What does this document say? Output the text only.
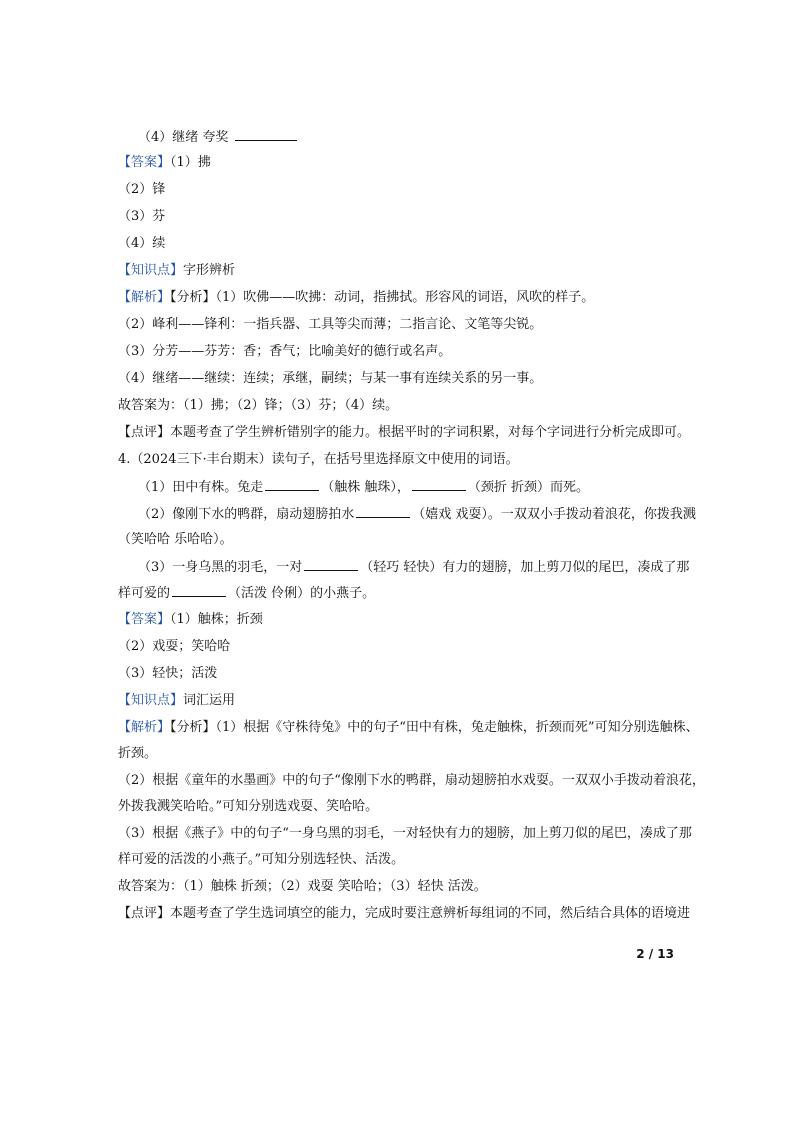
（4）继绪 夸奖
【答案】（1）拂
（2）锋
（3）芬
（4）续
【知识点】字形辨析
【解析】【分析】（1）吹佛——吹拂：动词，指拂拭。形容风的词语，风吹的样子。
（2）峰利——锋利：一指兵器、工具等尖而薄；二指言论、文笔等尖锐。
（3）分芳——芬芳：香；香气；比喻美好的德行或名声。
（4）继绪——继续：连续；承继，嗣续；与某一事有连续关系的另一事。
故答案为：（1）拂；（2）锋；（3）芬；（4）续。
【点评】本题考查了学生辨析错别字的能力。根据平时的字词积累，对每个字词进行分析完成即可。
4.（2024三下·丰台期末）读句子，在括号里选择原文中使用的词语。
（1）田中有株。兔走	（触株 触珠），	（颈折 折颈）而死。
（2）像刚下水的鸭群，扇动翅膀拍水	（嬉戏 戏耍）。一双双小手拨动着浪花，你拨我溅
（笑哈哈 乐哈哈）。
（3）一身乌黑的羽毛，一对	（轻巧 轻快）有力的翅膀，加上剪刀似的尾巴，凑成了那
样可爱的	（活泼 伶俐）的小燕子。
【答案】（1）触株；折颈
（2）戏耍；笑哈哈
（3）轻快；活泼
【知识点】词汇运用
【解析】【分析】（1）根据《守株待兔》中的句子“田中有株，兔走触株，折颈而死”可知分别选触株、
折颈。
（2）根据《童年的水墨画》中的句子“像刚下水的鸭群，扇动翅膀拍水戏耍。一双双小手拨动着浪花，
外拨我溅笑哈哈。”可知分别选戏耍、笑哈哈。
（3）根据《燕子》中的句子“一身乌黑的羽毛，一对轻快有力的翅膀，加上剪刀似的尾巴，凑成了那
样可爱的活泼的小燕子。”可知分别选轻快、活泼。
故答案为：（1）触株 折颈；（2）戏耍 笑哈哈；（3）轻快 活泼。
【点评】本题考查了学生选词填空的能力，完成时要注意辨析每组词的不同，然后结合具体的语境进
2 / 13
